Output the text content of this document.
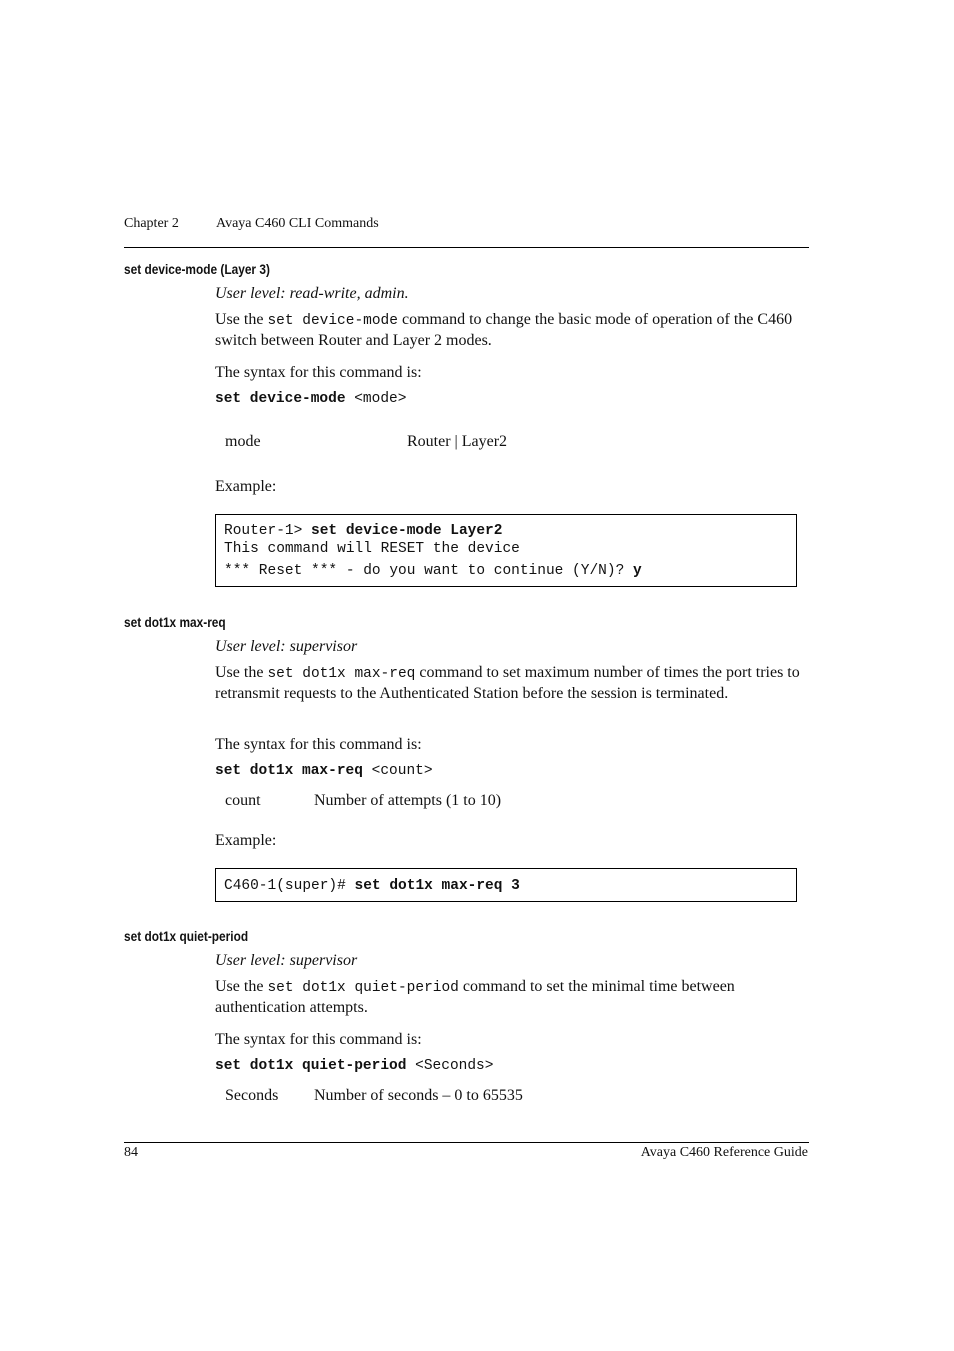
Chapter 2	Avaya C460 CLI Commands
set device-mode (Layer 3)
User level: read-write, admin.
Use the set device-mode command to change the basic mode of operation of the C460 switch between Router and Layer 2 modes.
The syntax for this command is:
set device-mode <mode>
mode	Router | Layer2
Example:
Router-1> set device-mode Layer2
This command will RESET the device
*** Reset *** - do you want to continue (Y/N)? y
set dot1x max-req
User level: supervisor
Use the set dot1x max-req command to set maximum number of times the port tries to retransmit requests to the Authenticated Station before the session is terminated.
The syntax for this command is:
set dot1x max-req <count>
count	Number of attempts (1 to 10)
Example:
C460-1(super)# set dot1x max-req 3
set dot1x quiet-period
User level: supervisor
Use the set dot1x quiet-period command to set the minimal time between authentication attempts.
The syntax for this command is:
set dot1x quiet-period <Seconds>
Seconds Number of seconds – 0 to 65535
84	Avaya C460 Reference Guide
